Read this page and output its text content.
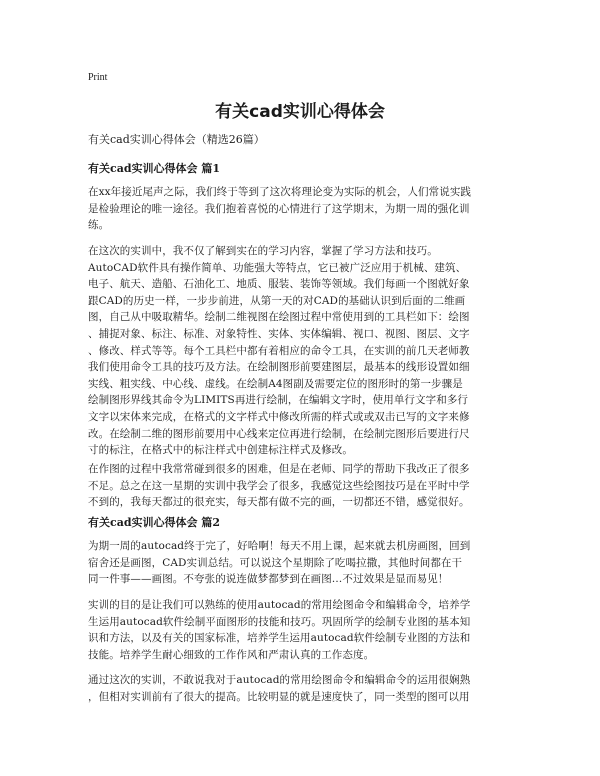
Print
有关cad实训心得体会

有关cad实训心得体会（精选26篇）

有关cad实训心得体会 篇1

在xx年接近尾声之际，我们终于等到了这次将理论变为实际的机会，人们常说实践
是检验理论的唯一途径。我们抱着喜悦的心情进行了这学期末，为期一周的强化训
练。

在这次的实训中，我不仅了解到实在的学习内容，掌握了学习方法和技巧。
AutoCAD软件具有操作简单、功能强大等特点，它已被广泛应用于机械、建筑、
电子、航天、造船、石油化工、地质、服装、装饰等领域。我们每画一个图就好象
跟CAD的历史一样，一步步前进，从第一天的对CAD的基础认识到后面的二维画
图，自己从中吸取精华。绘制二维视图在绘图过程中常使用到的工具栏如下：绘图
、捕捉对象、标注、标准、对象特性、实体、实体编辑、视口、视图、图层、文字
、修改、样式等等。每个工具栏中都有着相应的命令工具，在实训的前几天老师教
我们使用命令工具的技巧及方法。在绘制图形前要建图层，最基本的线形设置如细
实线、粗实线、中心线、虚线。在绘制A4图副及需要定位的图形时的第一步骤是
绘制图形界线其命令为LIMITS再进行绘制，在编辑文字时，使用单行文字和多行
文字以宋体来完成，在格式的文字样式中修改所需的样式或或双击已写的文字来修
改。在绘制二维的图形前要用中心线来定位再进行绘制，在绘制完图形后要进行尺
寸的标注，在格式中的标注样式中创建标注样式及修改。

在作图的过程中我常常碰到很多的困难，但是在老师、同学的帮助下我改正了很多
不足。总之在这一星期的实训中我学会了很多，我感觉这些绘图技巧是在平时中学
不到的，我每天都过的很充实，每天都有做不完的画，一切都还不错，感觉很好。

有关cad实训心得体会 篇2

为期一周的autocad终于完了，好哈啊！每天不用上课，起来就去机房画图，回到
宿舍还是画图，CAD实训总结。可以说这个星期除了吃喝拉撒，其他时间都在干
同一件事——画图。不夸张的说连做梦都梦到在画图…不过效果是显而易见！

实训的目的是让我们可以熟练的使用autocad的常用绘图命令和编辑命令，培养学
生运用autocad软件绘制平面图形的技能和技巧。巩固所学的绘制专业图的基本知
识和方法，以及有关的国家标准，培养学生运用autocad软件绘制专业图的方法和
技能。培养学生耐心细致的工作作风和严肃认真的工作态度。

通过这次的实训，不敢说我对于autocad的常用绘图命令和编辑命令的运用很娴熟
，但相对实训前有了很大的提高。比较明显的就是速度快了，同一类型的图可以用
